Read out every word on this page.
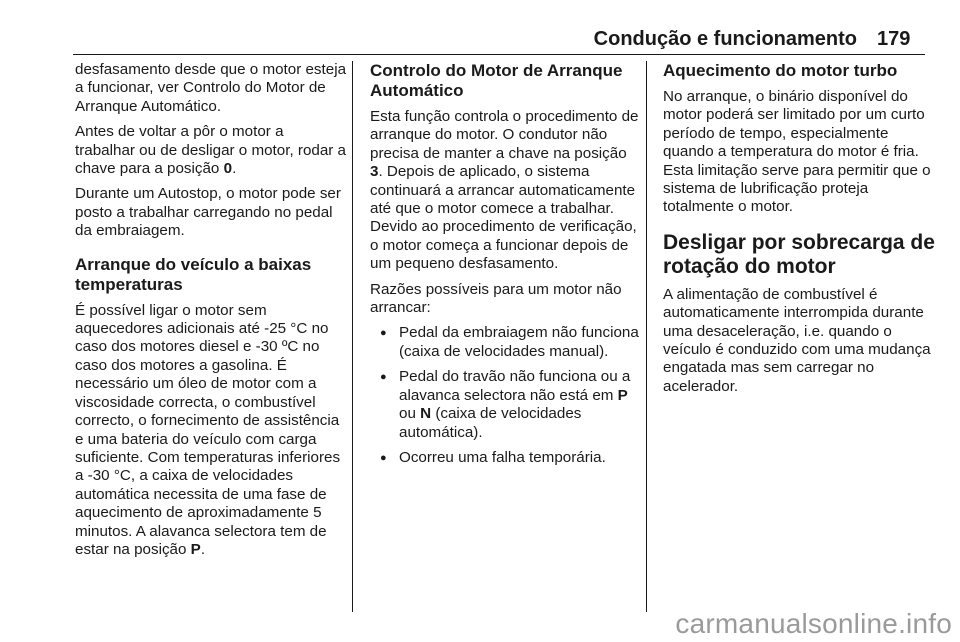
Condução e funcionamento 179

desfasamento desde que o motor esteja a funcionar, ver Controlo do Motor de Arranque Automático.

Antes de voltar a pôr o motor a trabalhar ou de desligar o motor, rodar a chave para a posição 0.

Durante um Autostop, o motor pode ser posto a trabalhar carregando no pedal da embraiagem.

Arranque do veículo a baixas temperaturas

É possível ligar o motor sem aquecedores adicionais até -25 °C no caso dos motores diesel e -30 ºC no caso dos motores a gasolina. É necessário um óleo de motor com a viscosidade correcta, o combustível correcto, o fornecimento de assistência e uma bateria do veículo com carga suficiente. Com temperaturas inferiores a -30 °C, a caixa de velocidades automática necessita de uma fase de aquecimento de aproximadamente 5 minutos. A alavanca selectora tem de estar na posição P.

Controlo do Motor de Arranque Automático

Esta função controla o procedimento de arranque do motor. O condutor não precisa de manter a chave na posição 3. Depois de aplicado, o sistema continuará a arrancar automaticamente até que o motor comece a trabalhar. Devido ao procedimento de verificação, o motor começa a funcionar depois de um pequeno desfasamento.

Razões possíveis para um motor não arrancar:

● Pedal da embraiagem não funciona (caixa de velocidades manual).
● Pedal do travão não funciona ou a alavanca selectora não está em P ou N (caixa de velocidades automática).
● Ocorreu uma falha temporária.
Aquecimento do motor turbo

No arranque, o binário disponível do motor poderá ser limitado por um curto período de tempo, especialmente quando a temperatura do motor é fria. Esta limitação serve para permitir que o sistema de lubrificação proteja totalmente o motor.

Desligar por sobrecarga de rotação do motor

A alimentação de combustível é automaticamente interrompida durante uma desaceleração, i.e. quando o veículo é conduzido com uma mudança engatada mas sem carregar no acelerador.

carmanualsonline.info
